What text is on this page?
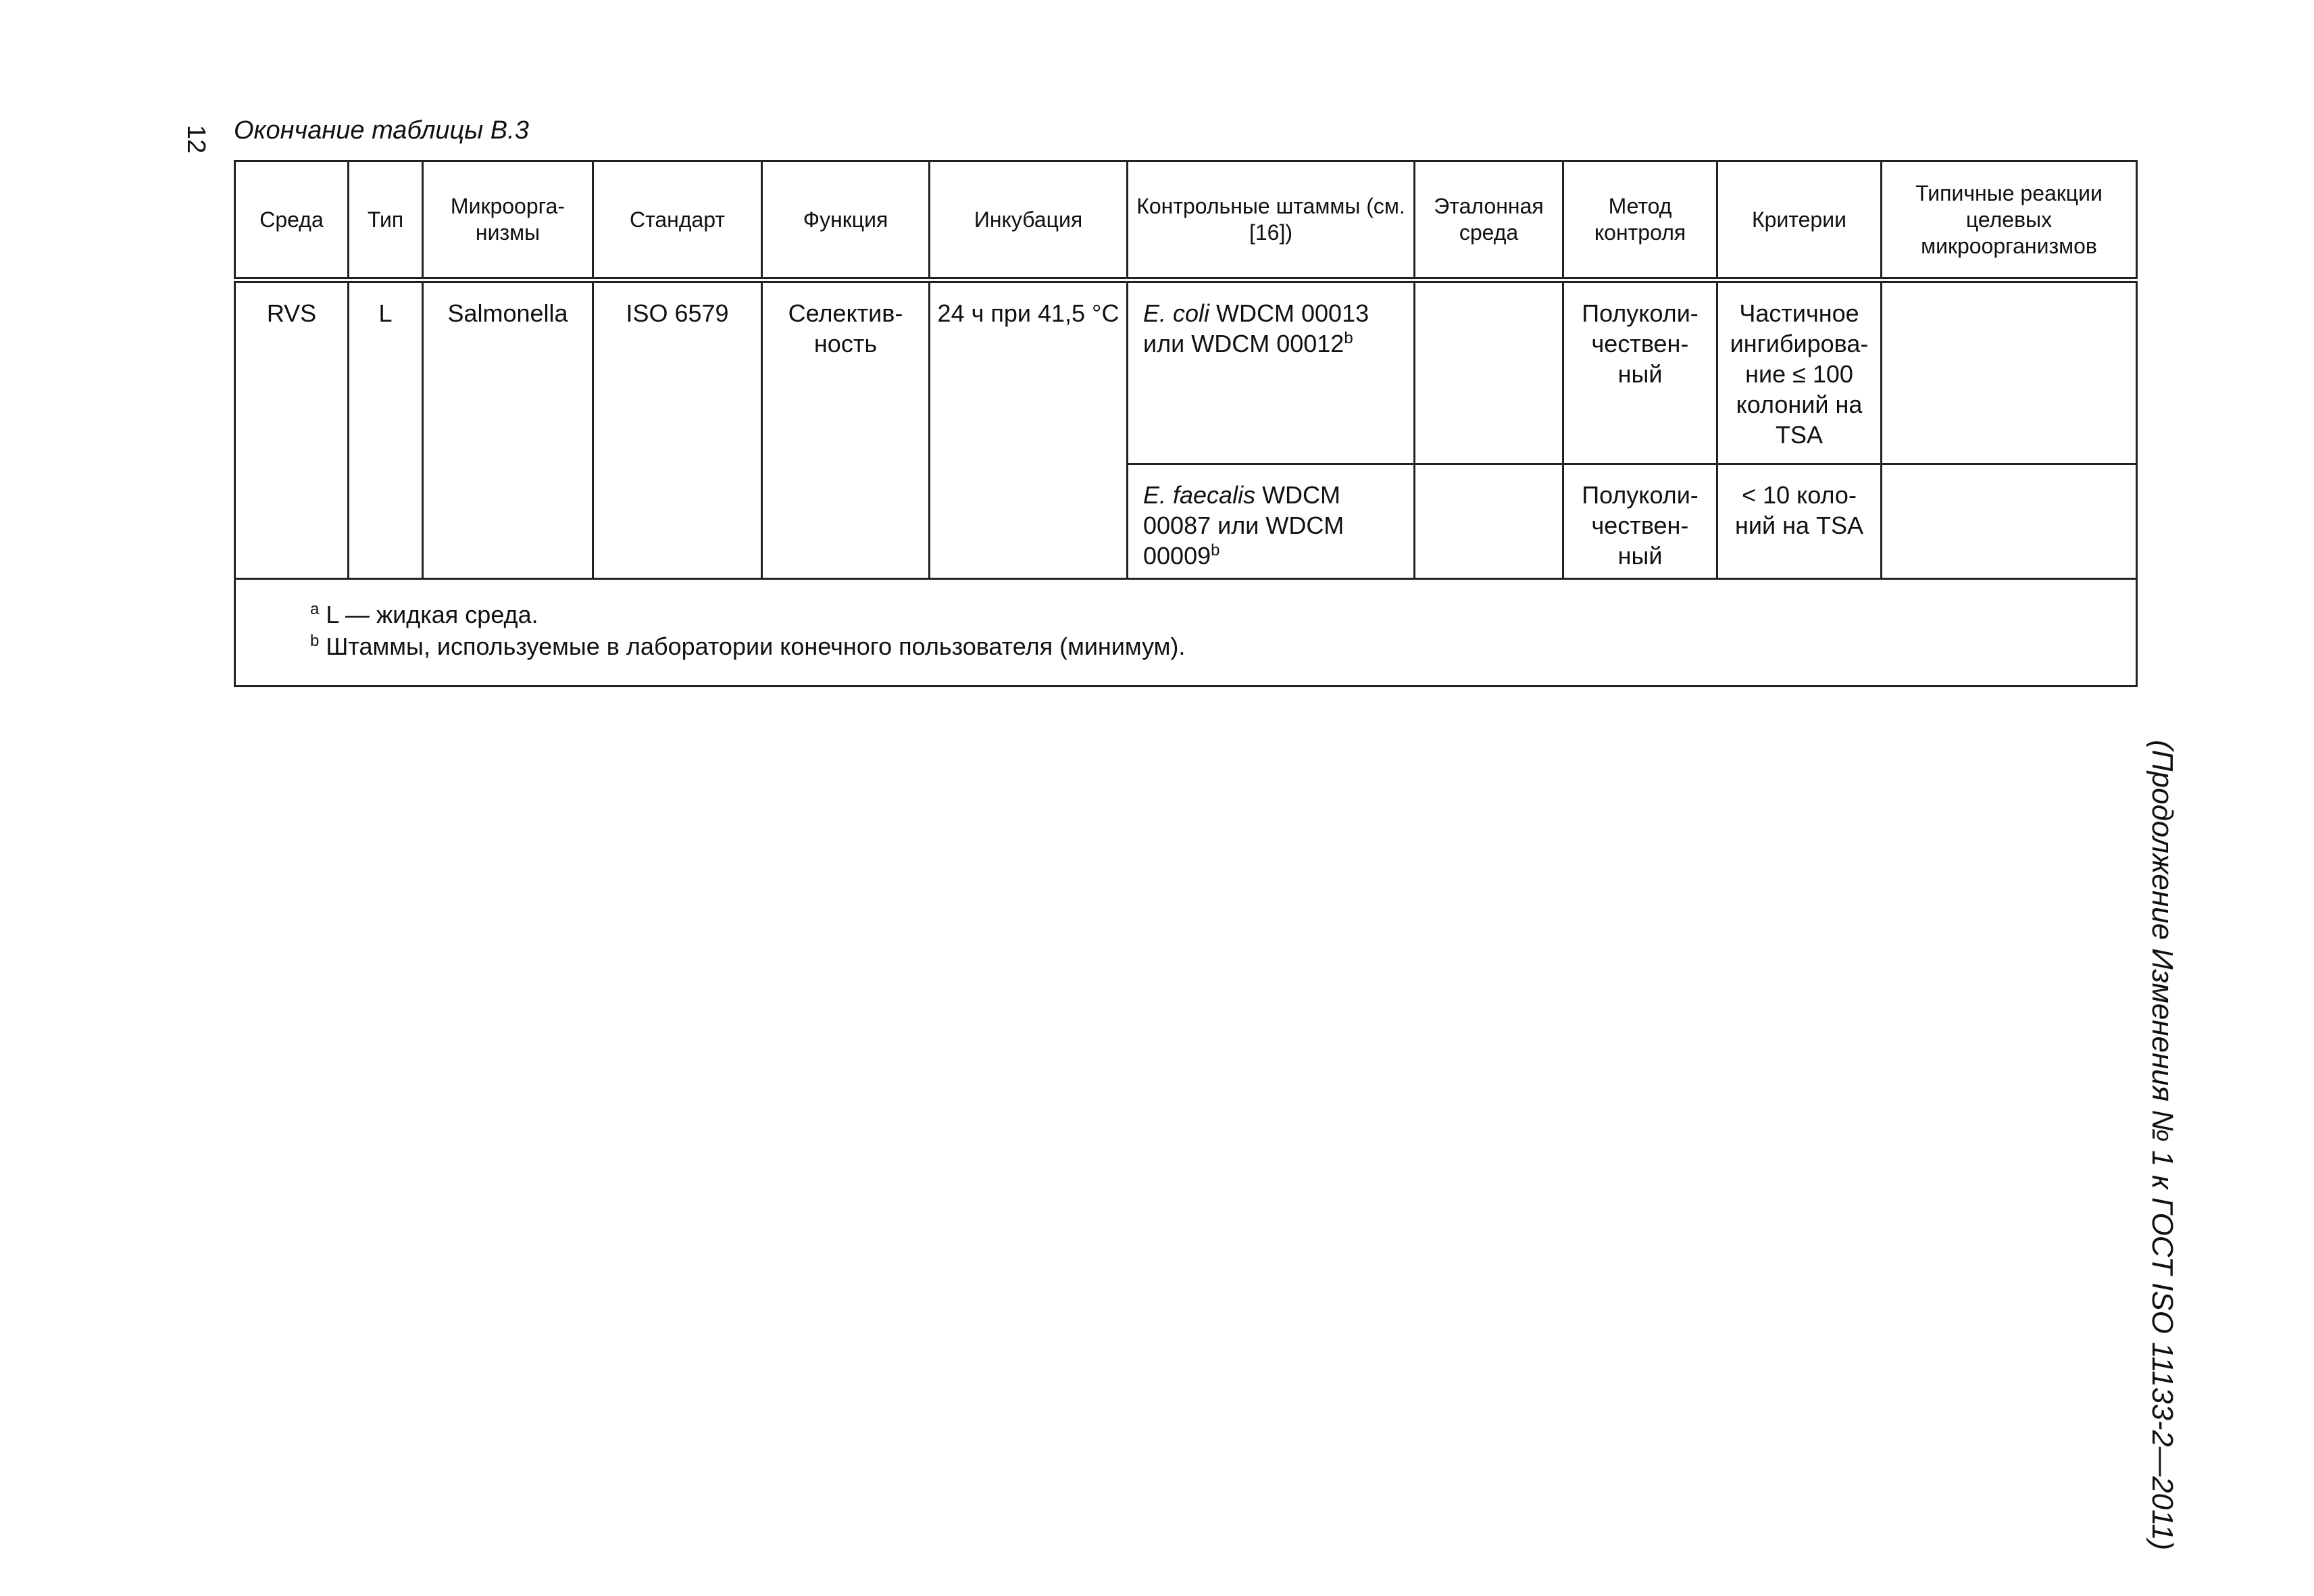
12 Окончание таблицы В.3
(Продолжение Изменения № 1 к ГОСТ ISO 11133-2—2011)
Среда	Тип	Микроорга-низмы	Стандарт	Функция	Инкубация	Контрольные штаммы (см. [16])	Эталонная среда	Метод контроля	Критерии	Типичные реакции целевых микроорганизмов
RVS	L	Salmonella	ISO 6579	Селектив-ность	24 ч при 41,5 °С	E. coli WDCM 00013 или WDCM 00012$^b$		Полуколи-чествен-ный	Частичное ингибирова-ние ≤ 100 колоний на TSA	
						E. faecalis WDCM 00087 или WDCM 00009$^b$		Полуколи-чествен-ный	< 10 коло-ний на TSA	

$^a$ L — жидкая среда.
$^b$ Штаммы, используемые в лаборатории конечного пользователя (минимум).										
